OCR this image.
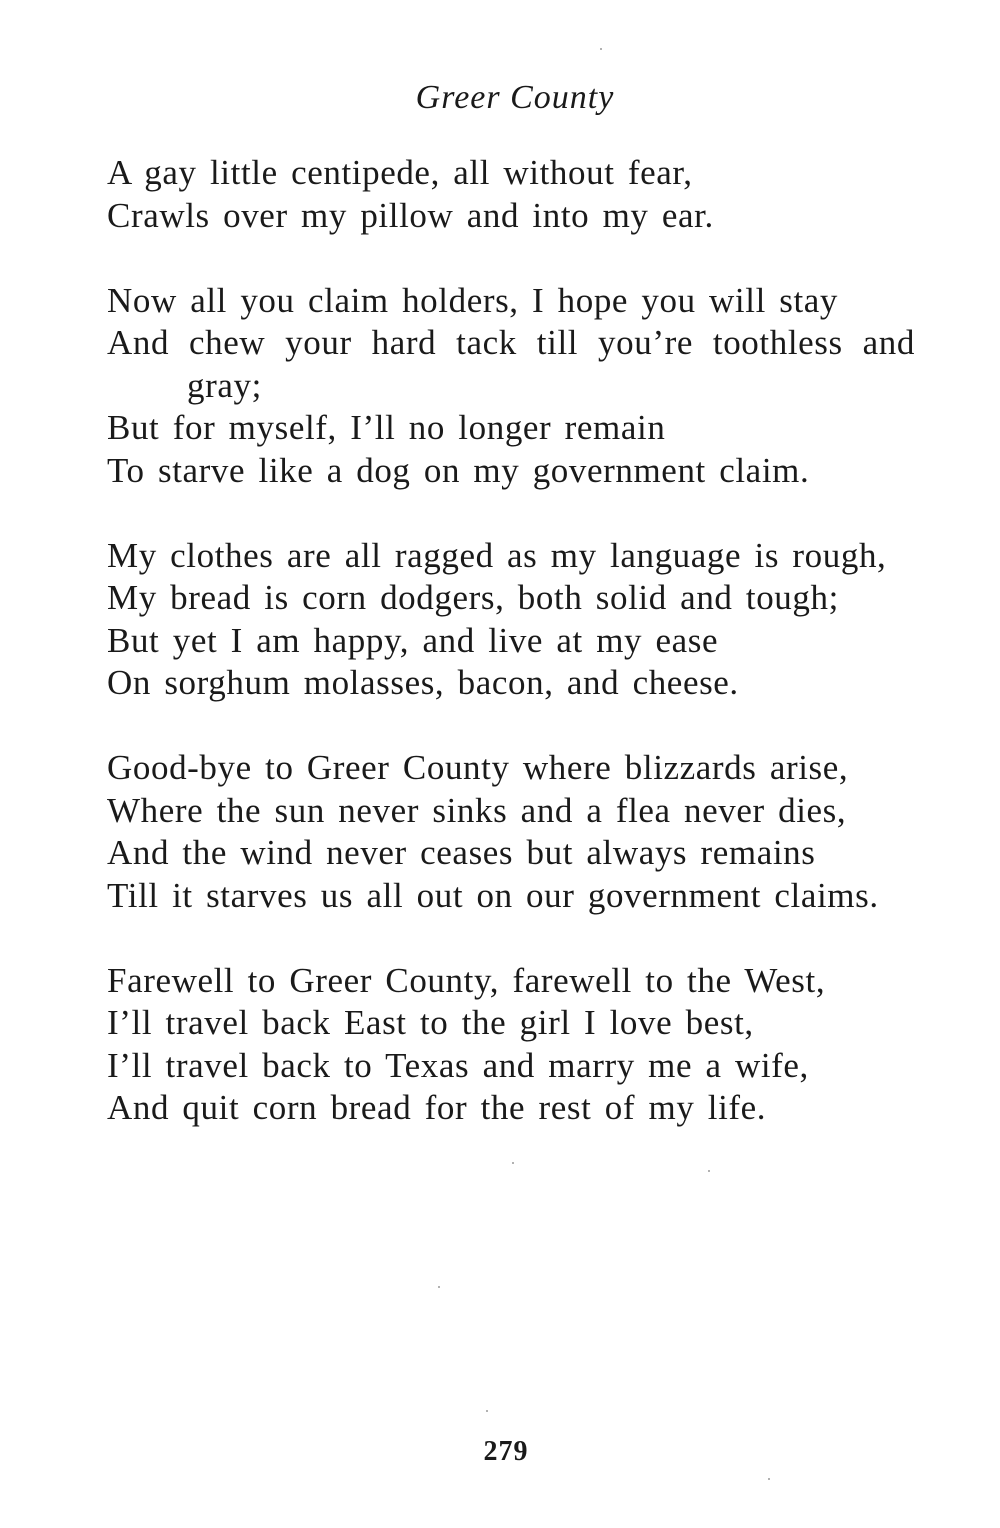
Greer County
A gay little centipede, all without fear,
Crawls over my pillow and into my ear.
Now all you claim holders, I hope you will stay
And chew your hard tack till you’re toothless and
gray;
But for myself, I’ll no longer remain
To starve like a dog on my government claim.
My clothes are all ragged as my language is rough,
My bread is corn dodgers, both solid and tough;
But yet I am happy, and live at my ease
On sorghum molasses, bacon, and cheese.
Good-bye to Greer County where blizzards arise,
Where the sun never sinks and a flea never dies,
And the wind never ceases but always remains
Till it starves us all out on our government claims.
Farewell to Greer County, farewell to the West,
I’ll travel back East to the girl I love best,
I’ll travel back to Texas and marry me a wife,
And quit corn bread for the rest of my life.
279
